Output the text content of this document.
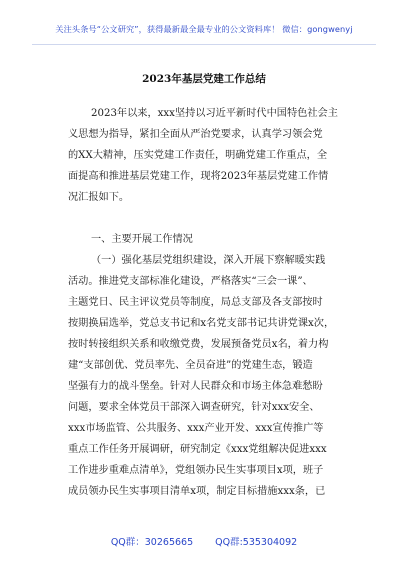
关注头条号“公文研究”，获得最新最全最专业的公文资料库！ 微信：gongwenyj
2023年基层党建工作总结
2023年以来，xxx坚持以习近平新时代中国特色社会主
义思想为指导，紧扣全面从严治党要求，认真学习领会党
的XX大精神，压实党建工作责任，明确党建工作重点，全
面提高和推进基层党建工作，现将2023年基层党建工作情
况汇报如下。
一、主要开展工作情况
（一）强化基层党组织建设，深入开展下察解暖实践
活动。推进党支部标准化建设，严格落实“三会一课”、
主题党日、民主评议党员等制度，局总支部及各支部按时
按期换届选举，党总支书记和x名党支部书记共讲党课x次，
按时转接组织关系和收缴党费，发展预备党员x名，着力构
建“支部创优、党员率先、全员奋进”的党建生态，锻造
坚强有力的战斗堡垒。针对人民群众和市场主体急难愁盼
问题，要求全体党员干部深入调查研究，针对xxx安全、
xxx市场监管、公共服务、xxx产业开发、xxx宣传推广等
重点工作任务开展调研，研究制定《xxx党组解决促进xxx
工作进步重难点清单》，党组领办民生实事项目x项，班子
成员领办民生实事项目清单x项，制定目标措施xxx条，已
QQ群：30265665 QQ群:535304092
